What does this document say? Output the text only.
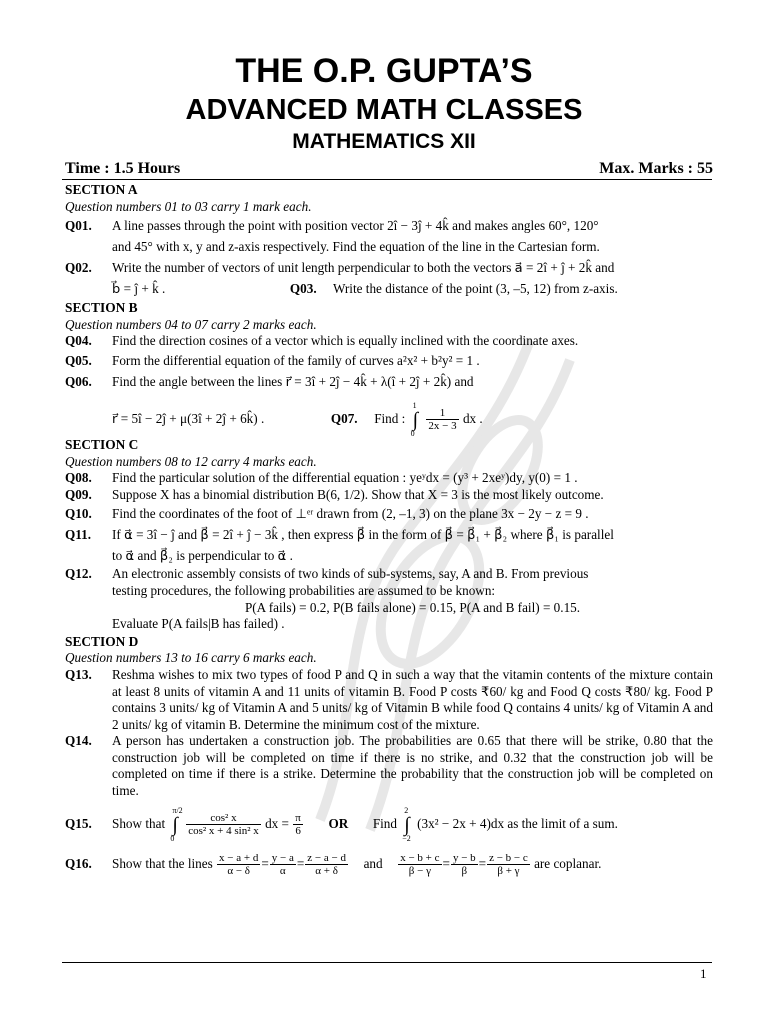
THE O.P. GUPTA’S
ADVANCED MATH CLASSES
MATHEMATICS XII
Time : 1.5 Hours	Max. Marks : 55
SECTION A
Question numbers 01 to 03 carry 1 mark each.
Q01. A line passes through the point with position vector 2î − 3ĵ + 4k̂ and makes angles 60°, 120°
and 45° with x, y and z-axis respectively. Find the equation of the line in the Cartesian form.
Q02. Write the number of vectors of unit length perpendicular to both the vectors a⃗ = 2î + ĵ + 2k̂ and
b⃗ = ĵ + k̂ .	Q03. Write the distance of the point (3, –5, 12) from z-axis.
SECTION B
Question numbers 04 to 07 carry 2 marks each.
Q04. Find the direction cosines of a vector which is equally inclined with the coordinate axes.
Q05. Form the differential equation of the family of curves a²x² + b²y² = 1 .
Q06. Find the angle between the lines r⃗ = 3î + 2ĵ − 4k̂ + λ(î + 2ĵ + 2k̂) and
r⃗ = 5î − 2ĵ + μ(3î + 2ĵ + 6k̂) .	Q07. Find : ∫
1
0

$\frac{1}{2x - 3}$ dx .
SECTION C
Question numbers 08 to 12 carry 4 marks each.
Q08. Find the particular solution of the differential equation : yeʸdx = (y³ + 2xeʸ)dy, y(0) = 1 .
Q09. Suppose X has a binomial distribution B(6, 1/2). Show that X = 3 is the most likely outcome.
Q10. Find the coordinates of the foot of ⊥ᵉʳ drawn from (2, –1, 3) on the plane 3x − 2y − z = 9 .
Q11. If α⃗ = 3î − ĵ and β⃗ = 2î + ĵ − 3k̂ , then express β⃗ in the form of β⃗ = β⃗₁ + β⃗₂ where β⃗₁ is parallel
to α⃗ and β⃗₂ is perpendicular to α⃗ .
Q12. An electronic assembly consists of two kinds of sub-systems, say, A and B. From previous
testing procedures, the following probabilities are assumed to be known:
P(A fails) = 0.2, P(B fails alone) = 0.15, P(A and B fail) = 0.15.
Evaluate P(A fails|B has failed) .
SECTION D
Question numbers 13 to 16 carry 6 marks each.
Q13. Reshma wishes to mix two types of food P and Q in such a way that the vitamin contents of the mixture contain at least 8 units of vitamin A and 11 units of vitamin B. Food P costs ₹60/ kg and Food Q costs ₹80/ kg. Food P contains 3 units/ kg of Vitamin A and 5 units/ kg of Vitamin B while food Q contains 4 units/ kg of Vitamin A and 2 units/ kg of vitamin B. Determine the minimum cost of the mixture.
Q14. A person has undertaken a construction job. The probabilities are 0.65 that there will be strike, 0.80 that the construction job will be completed on time if there is no strike, and 0.32 that the construction job will be completed on time if there is a strike. Determine the probability that the construction job will be completed on time.
Q15. Show that ∫
π/2
0

$\frac{\text{cos² x}}{\text{cos² x + 4 sin² x}}$ dx = $\frac{\pi}{6}$ OR Find ∫
2
−2
(3x² − 2x + 4)dx as the limit of a sum.
Q16. Show that the lines $\frac{x - a + d}{\alpha - \delta} = \frac{y - a}{\alpha} = \frac{z - a - d}{\alpha + \delta}$ and $\frac{x - b + c}{\beta - \gamma} = \frac{y - b}{\beta} = \frac{z - b - c}{\beta + \gamma}$ are coplanar.
1
